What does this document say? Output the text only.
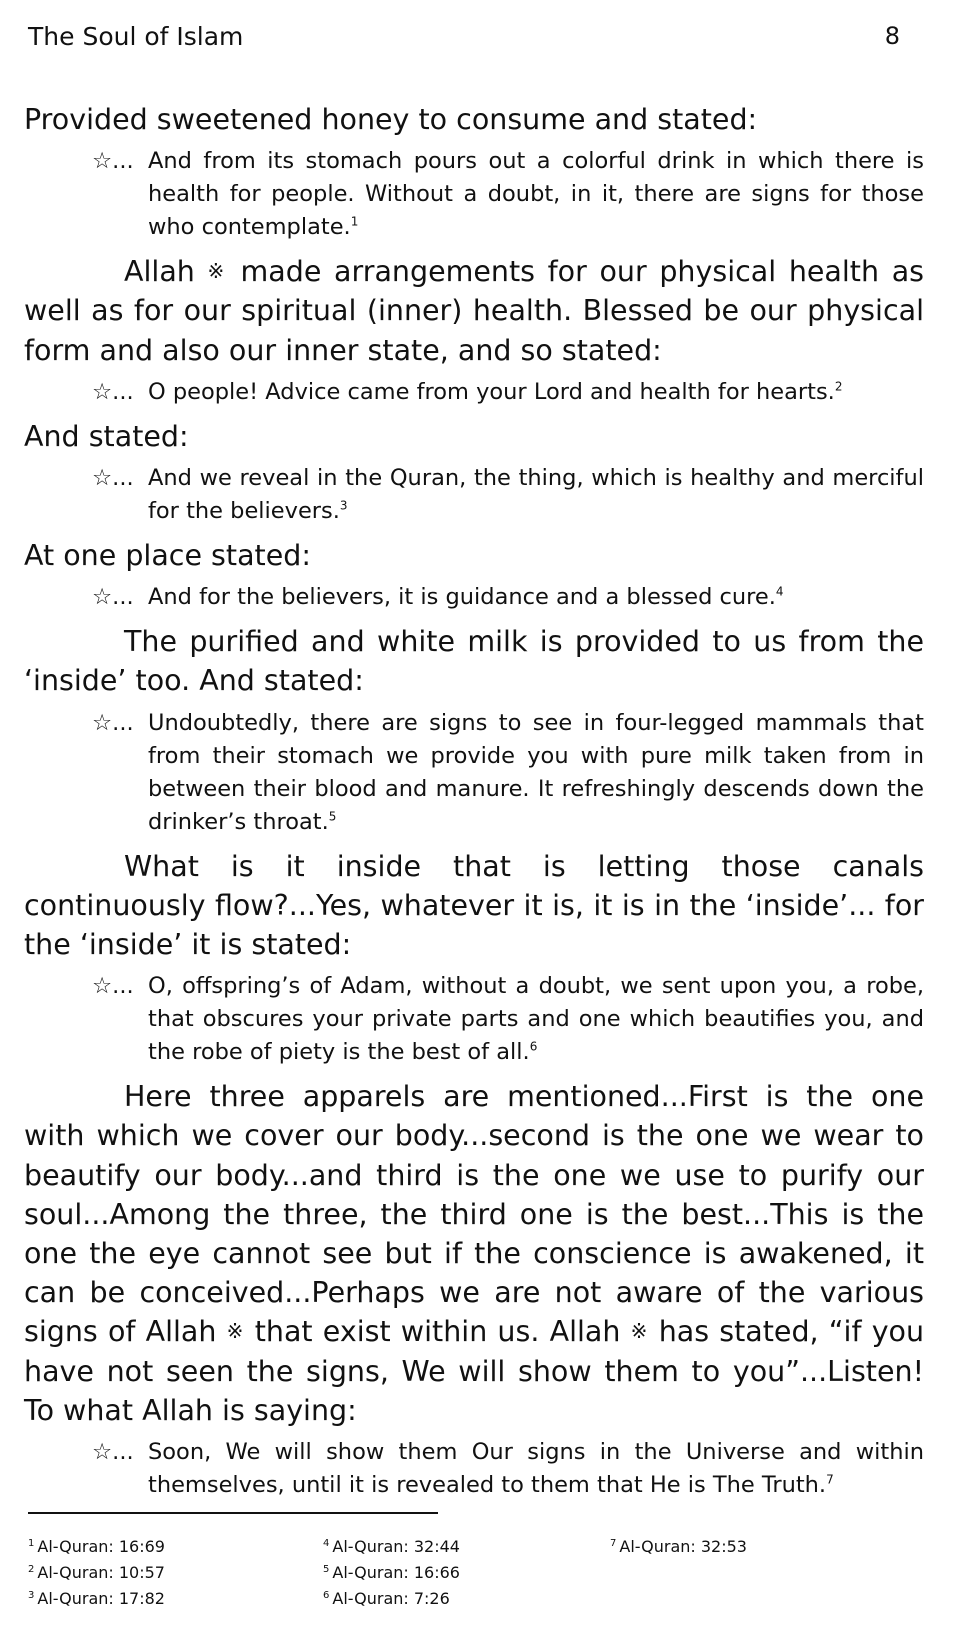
The Soul of Islam	8

Provided sweetened honey to consume and stated:

☆... And from its stomach pours out a colorful drink in which there is health for people. Without a doubt, in it, there are signs for those who contemplate.$^1$

Allah ※ made arrangements for our physical health as well as for our spiritual (inner) health. Blessed be our physical form and also our inner state, and so stated:

☆... O people! Advice came from your Lord and health for hearts.$^2$

And stated:

☆... And we reveal in the Quran, the thing, which is healthy and merciful for the believers.$^3$

At one place stated:

☆... And for the believers, it is guidance and a blessed cure.$^4$

The purified and white milk is provided to us from the ‘inside’ too. And stated:

☆... Undoubtedly, there are signs to see in four-legged mammals that from their stomach we provide you with pure milk taken from in between their blood and manure. It refreshingly descends down the drinker’s throat.$^5$

What is it inside that is letting those canals continuously flow?...Yes, whatever it is, it is in the ‘inside’... for the ‘inside’ it is stated:

☆... O, offspring’s of Adam, without a doubt, we sent upon you, a robe, that obscures your private parts and one which beautifies you, and the robe of piety is the best of all.$^6$

Here three apparels are mentioned...First is the one with which we cover our body...second is the one we wear to beautify our body...and third is the one we use to purify our soul...Among the three, the third one is the best...This is the one the eye cannot see but if the conscience is awakened, it can be conceived...Perhaps we are not aware of the various signs of Allah ※ that exist within us. Allah ※ has stated, “if you have not seen the signs, We will show them to you”...Listen! To what Allah is saying:

☆... Soon, We will show them Our signs in the Universe and within themselves, until it is revealed to them that He is The Truth.$^7$
$^1$ Al-Quran: 16:69
$^2$ Al-Quran: 10:57
$^3$ Al-Quran: 17:82
$^4$ Al-Quran: 32:44
$^5$ Al-Quran: 16:66
$^6$ Al-Quran: 7:26
$^7$ Al-Quran: 32:53
